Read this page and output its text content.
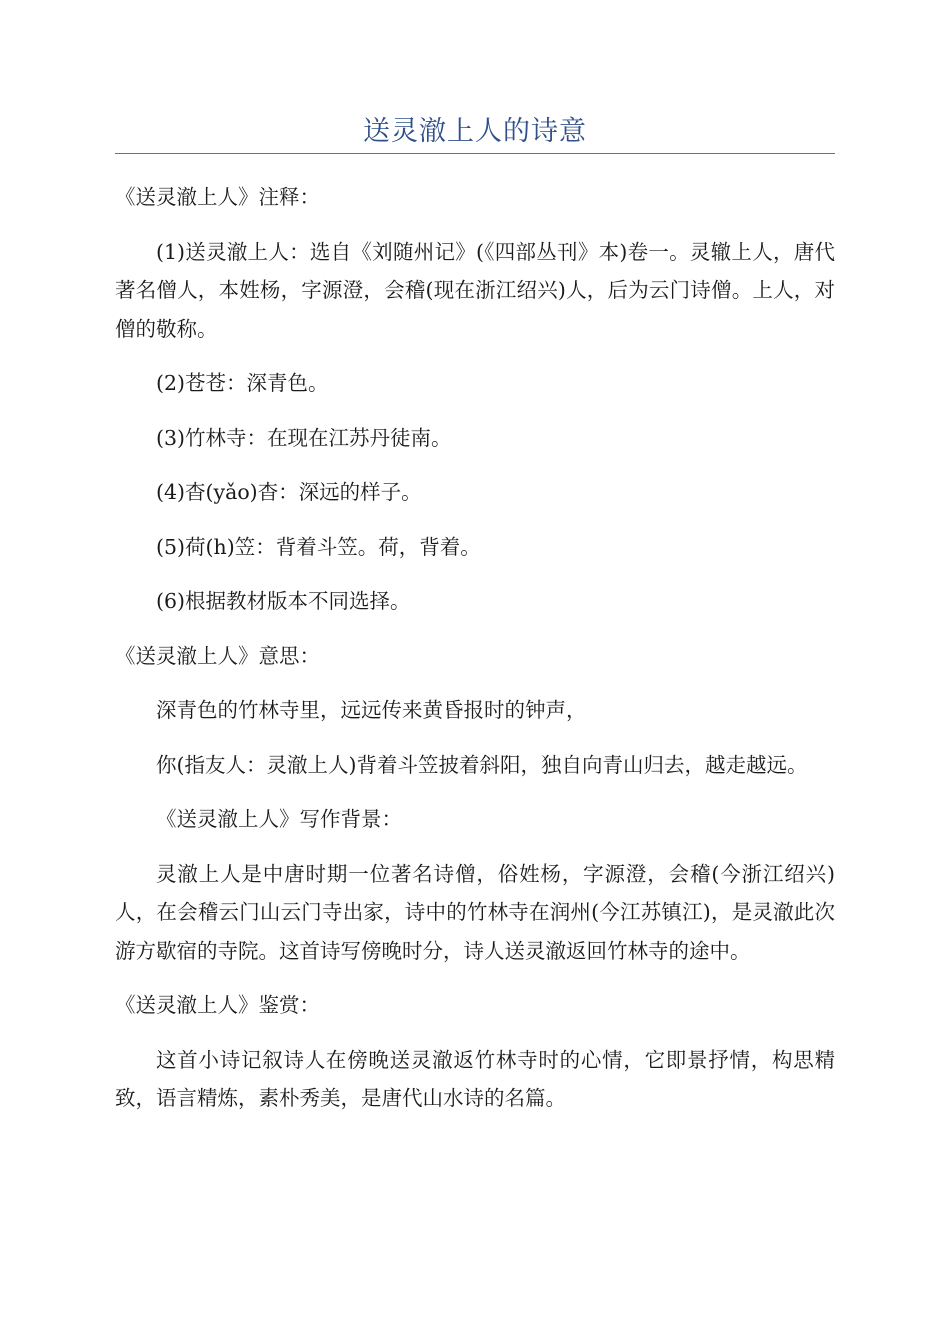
送灵澈上人的诗意

《送灵澈上人》注释：

(1)送灵澈上人：选自《刘随州记》(《四部丛刊》本)卷一。灵辙上人，唐代著名僧人，本姓杨，字源澄，会稽(现在浙江绍兴)人，后为云门诗僧。上人，对僧的敬称。

(2)苍苍：深青色。

(3)竹林寺：在现在江苏丹徒南。

(4)杳(yǎo)杳：深远的样子。

(5)荷(h)笠：背着斗笠。荷，背着。

(6)根据教材版本不同选择。

《送灵澈上人》意思：

深青色的竹林寺里，远远传来黄昏报时的钟声，

你(指友人：灵澈上人)背着斗笠披着斜阳，独自向青山归去，越走越远。

《送灵澈上人》写作背景：

灵澈上人是中唐时期一位著名诗僧，俗姓杨，字源澄，会稽(今浙江绍兴)人，在会稽云门山云门寺出家，诗中的竹林寺在润州(今江苏镇江)，是灵澈此次游方歇宿的寺院。这首诗写傍晚时分，诗人送灵澈返回竹林寺的途中。

《送灵澈上人》鉴赏：

这首小诗记叙诗人在傍晚送灵澈返竹林寺时的心情，它即景抒情，构思精致，语言精炼，素朴秀美，是唐代山水诗的名篇。
